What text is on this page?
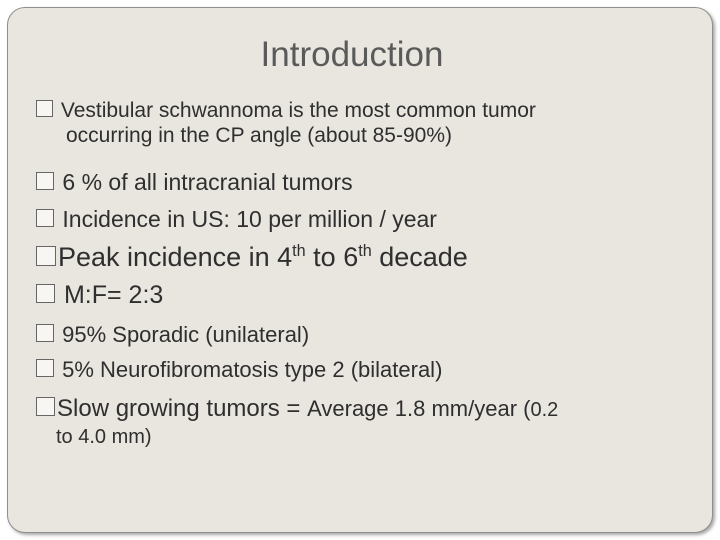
Introduction
Vestibular schwannoma is the most common tumor
occurring in the CP angle (about 85-90%)
6 % of all intracranial tumors
Incidence in US: 10 per million / year
Peak incidence in 4th to 6th decade
M:F= 2:3
95% Sporadic (unilateral)
5% Neurofibromatosis type 2 (bilateral)
Slow growing tumors = Average 1.8 mm/year (0.2
to 4.0 mm)
